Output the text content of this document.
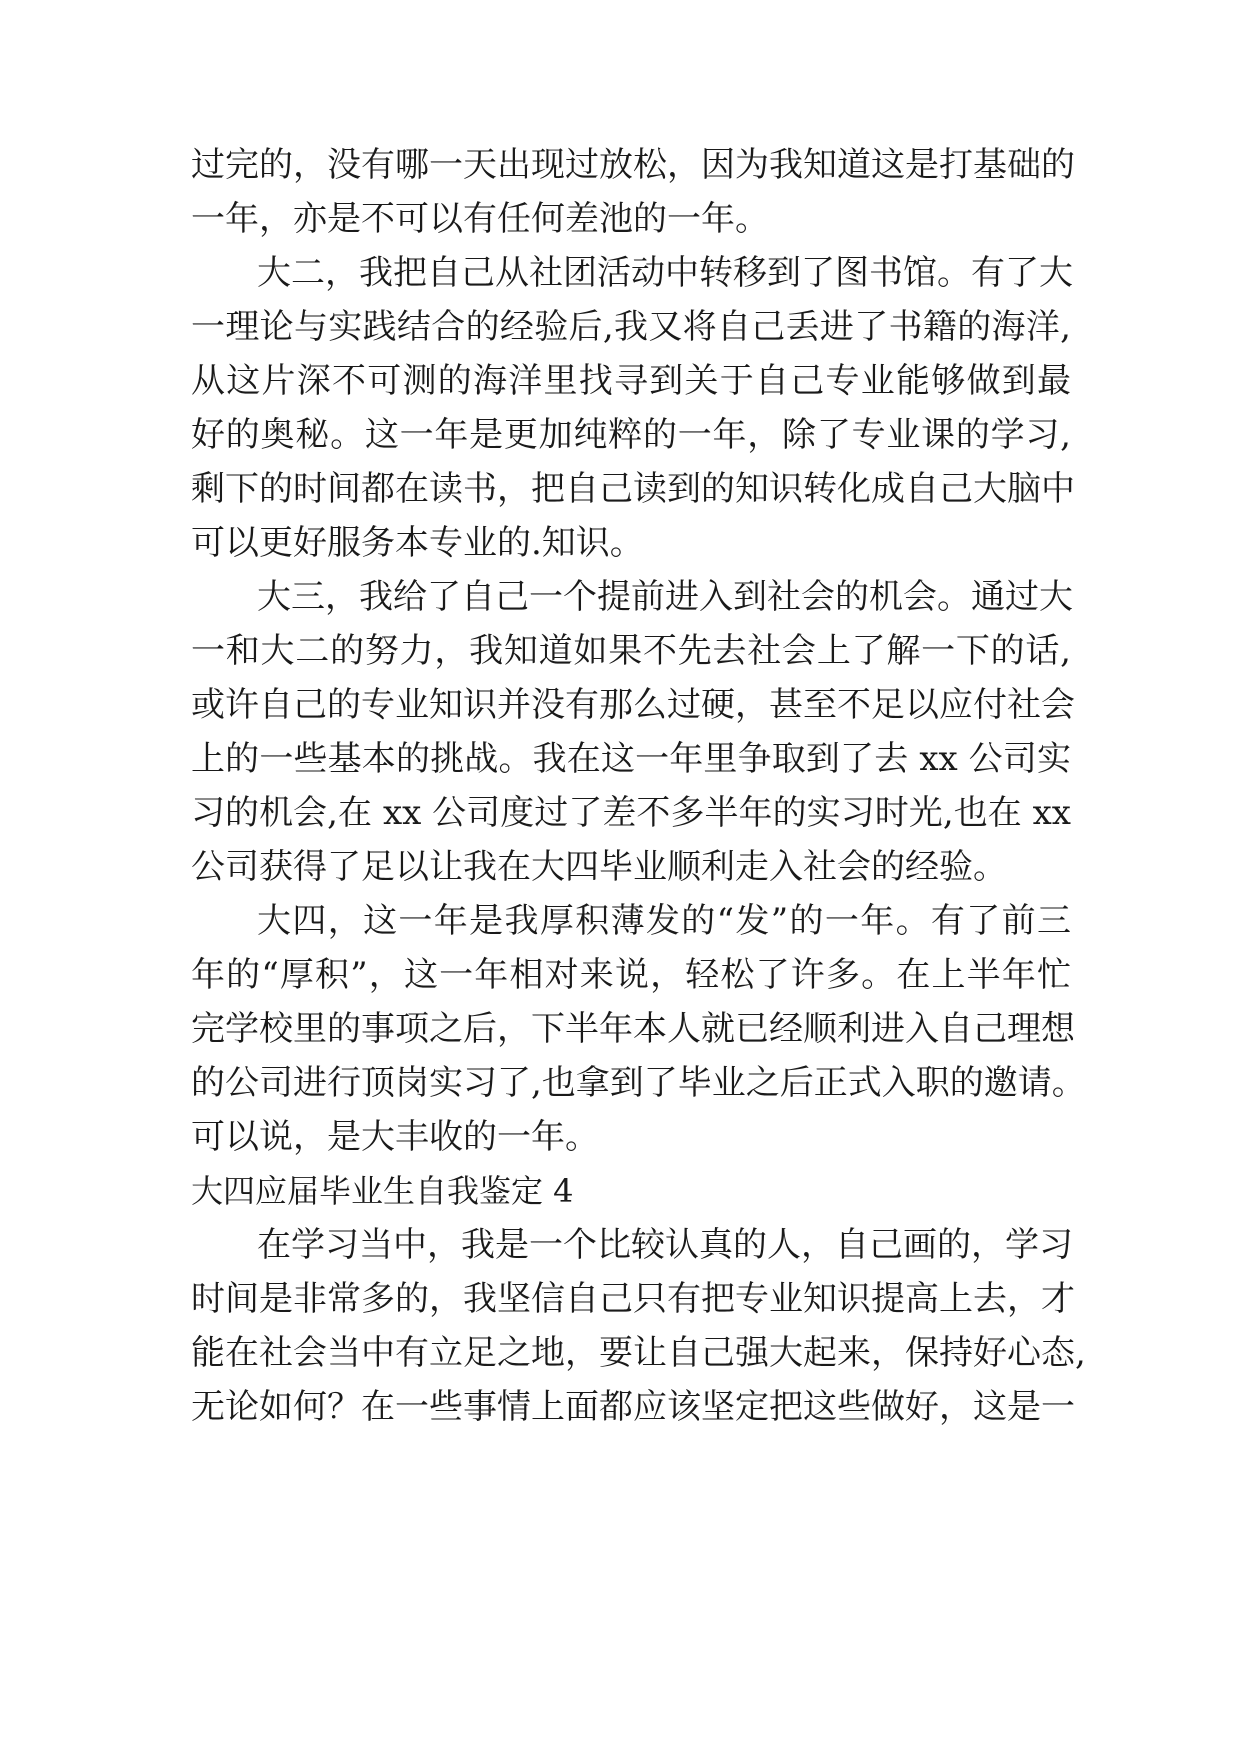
过完的，没有哪一天出现过放松，因为我知道这是打基础的

一年，亦是不可以有任何差池的一年。

大二，我把自己从社团活动中转移到了图书馆。有了大

一理论与实践结合的经验后,我又将自己丢进了书籍的海洋,

从这片深不可测的海洋里找寻到关于自己专业能够做到最

好的奥秘。这一年是更加纯粹的一年，除了专业课的学习,

剩下的时间都在读书，把自己读到的知识转化成自己大脑中

可以更好服务本专业的.知识。

大三，我给了自己一个提前进入到社会的机会。通过大

一和大二的努力，我知道如果不先去社会上了解一下的话,

或许自己的专业知识并没有那么过硬，甚至不足以应付社会

上的一些基本的挑战。我在这一年里争取到了去 xx 公司实

习的机会,在 xx 公司度过了差不多半年的实习时光,也在 xx

公司获得了足以让我在大四毕业顺利走入社会的经验。

大四，这一年是我厚积薄发的“发”的一年。有了前三

年的“厚积”，这一年相对来说，轻松了许多。在上半年忙

完学校里的事项之后，下半年本人就已经顺利进入自己理想

的公司进行顶岗实习了,也拿到了毕业之后正式入职的邀请。

可以说，是大丰收的一年。

大四应届毕业生自我鉴定 4

在学习当中，我是一个比较认真的人，自己画的，学习

时间是非常多的，我坚信自己只有把专业知识提高上去，才

能在社会当中有立足之地，要让自己强大起来，保持好心态,

无论如何？在一些事情上面都应该坚定把这些做好，这是一
